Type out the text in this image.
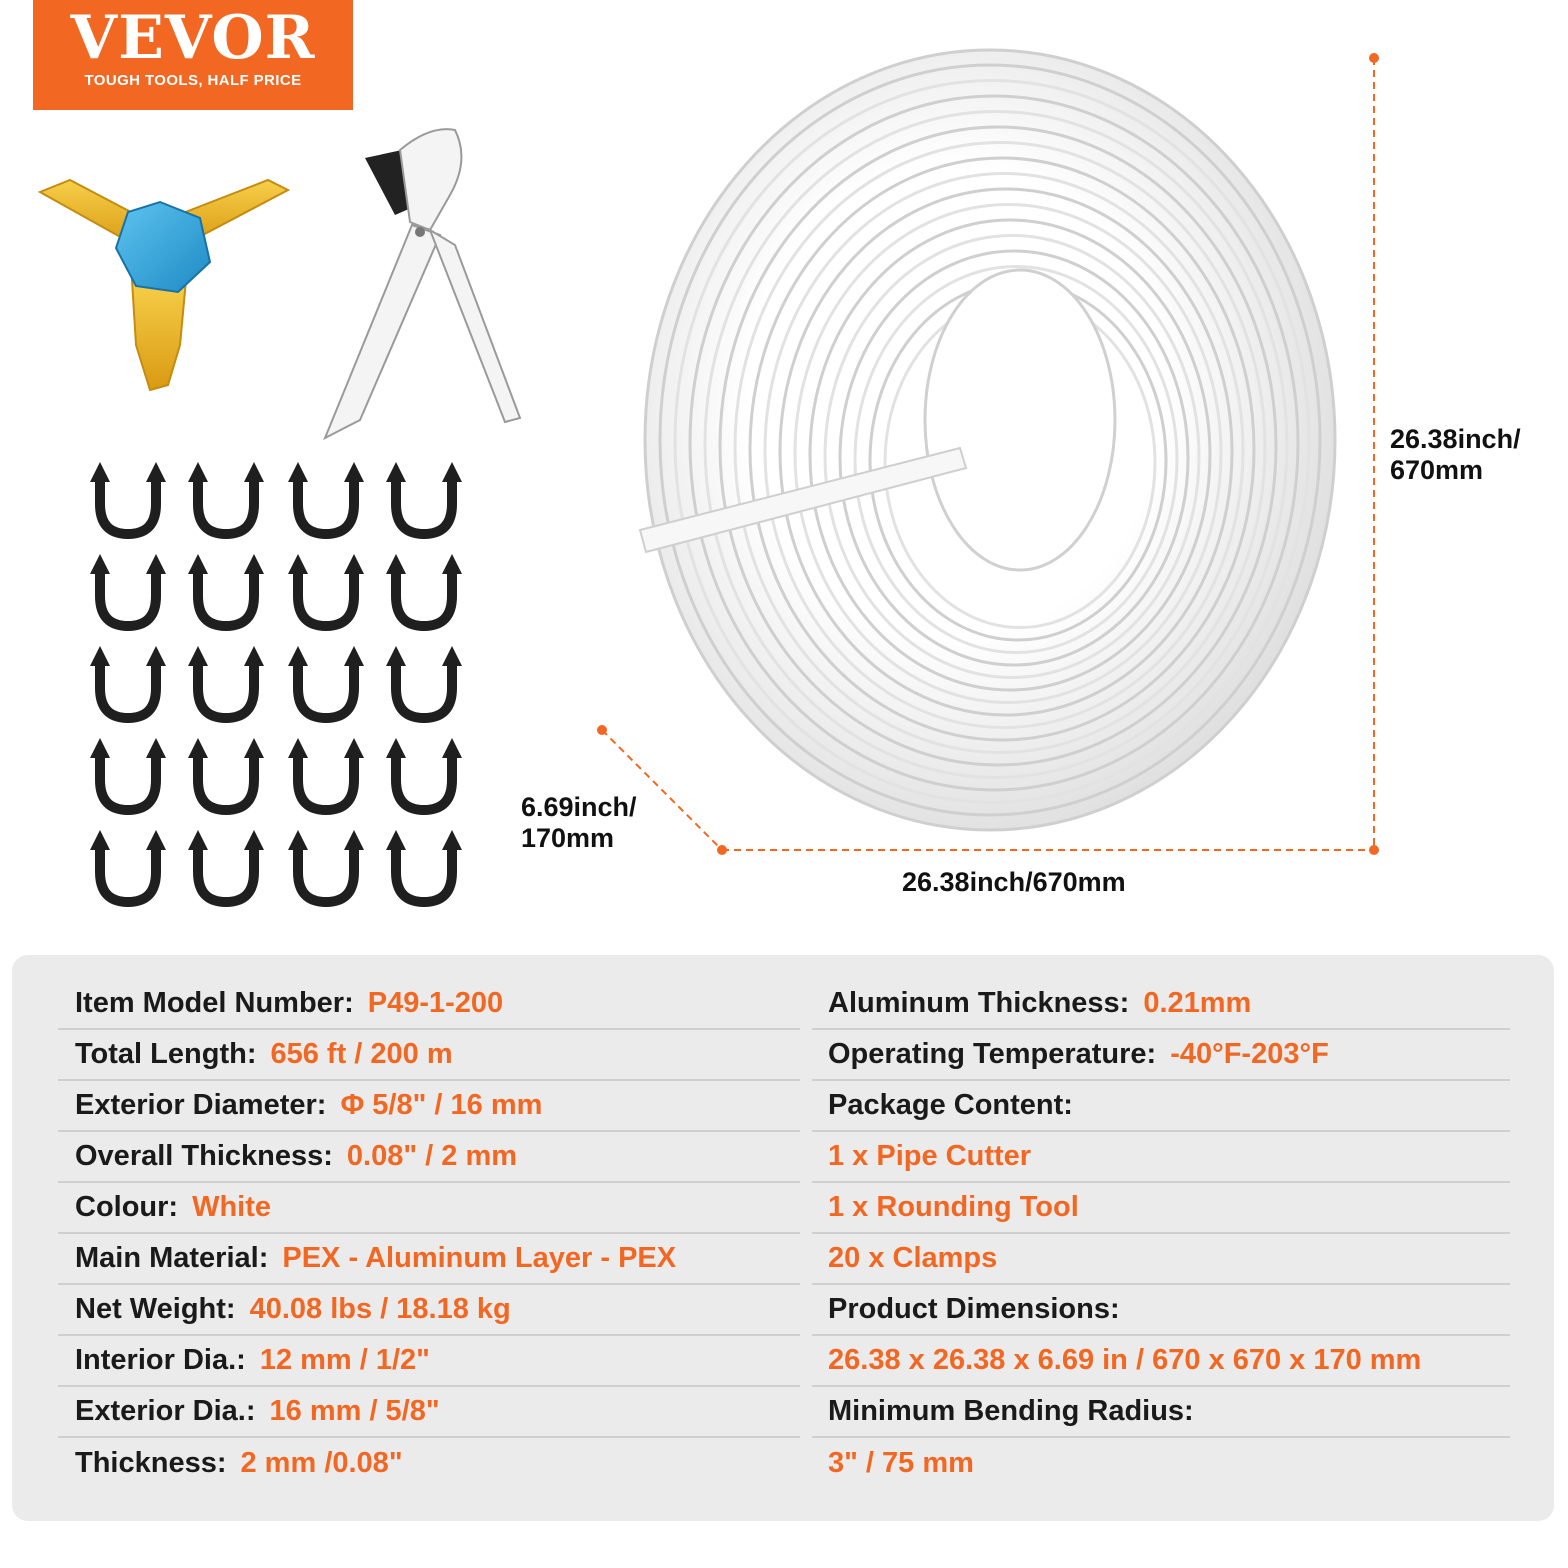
VEVOR
TOUGH TOOLS, HALF PRICE
26.38inch/
670mm
6.69inch/
170mm
26.38inch/670mm
Item Model Number: P49-1-200
Total Length: 656 ft / 200 m
Exterior Diameter: Φ 5/8" / 16 mm
Overall Thickness: 0.08" / 2 mm
Colour: White
Main Material: PEX - Aluminum Layer - PEX
Net Weight: 40.08 lbs / 18.18 kg
Interior Dia.: 12 mm / 1/2"
Exterior Dia.: 16 mm / 5/8"
Thickness: 2 mm /0.08"
Aluminum Thickness: 0.21mm
Operating Temperature: -40°F-203°F
Package Content:
1 x Pipe Cutter
1 x Rounding Tool
20 x Clamps
Product Dimensions:
26.38 x 26.38 x 6.69 in / 670 x 670 x 170 mm
Minimum Bending Radius:
3" / 75 mm
